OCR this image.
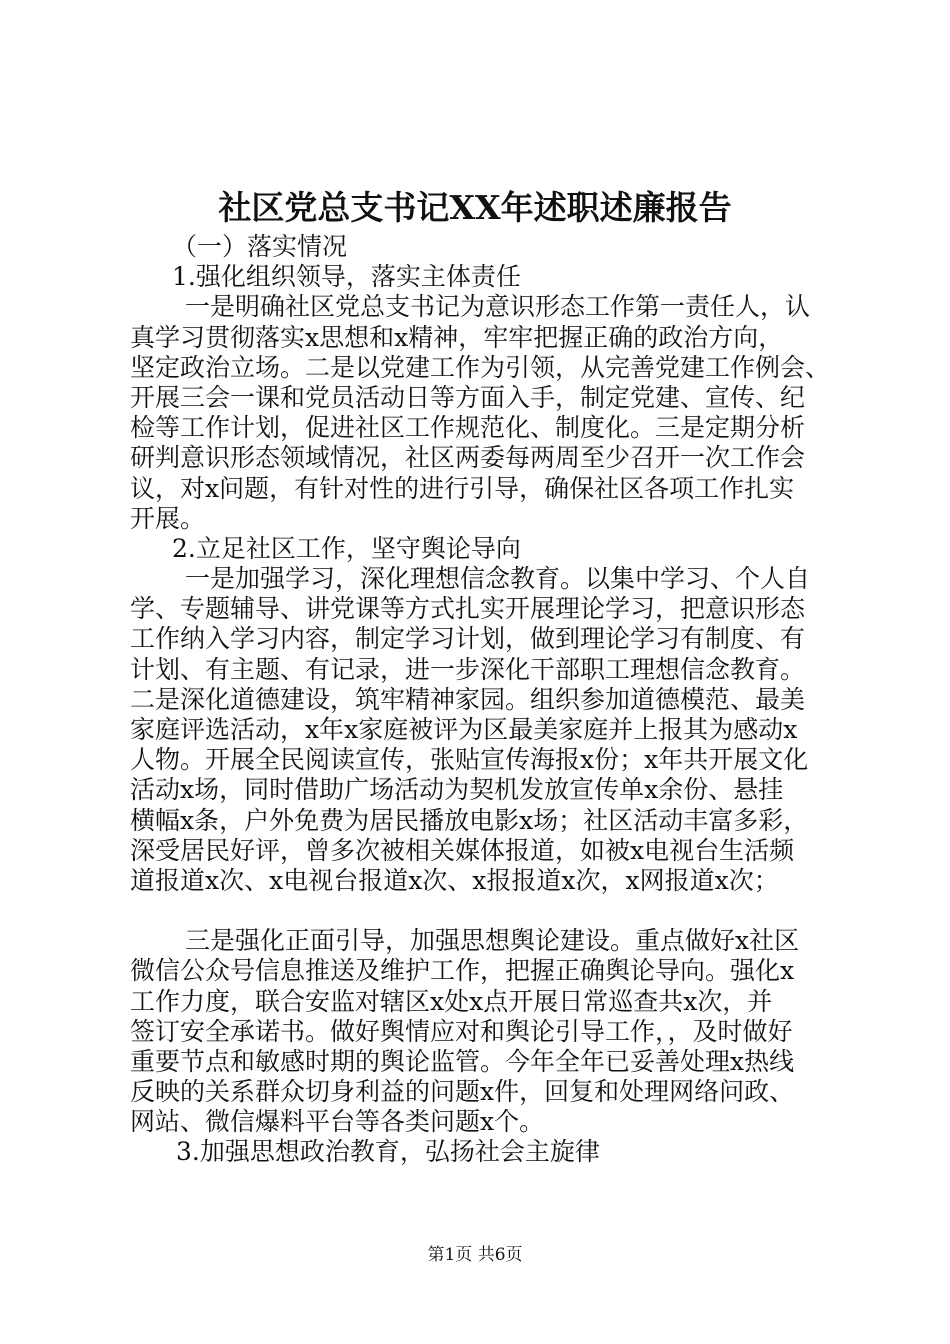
社区党总支书记XX年述职述廉报告
（一）落实情况
1.强化组织领导，落实主体责任
一是明确社区党总支书记为意识形态工作第一责任人，认
真学习贯彻落实x思想和x精神，牢牢把握正确的政治方向，
坚定政治立场。二是以党建工作为引领，从完善党建工作例会、
开展三会一课和党员活动日等方面入手，制定党建、宣传、纪
检等工作计划，促进社区工作规范化、制度化。三是定期分析
研判意识形态领域情况，社区两委每两周至少召开一次工作会
议，对x问题，有针对性的进行引导，确保社区各项工作扎实
开展。
2.立足社区工作，坚守舆论导向
一是加强学习，深化理想信念教育。以集中学习、个人自
学、专题辅导、讲党课等方式扎实开展理论学习，把意识形态
工作纳入学习内容，制定学习计划，做到理论学习有制度、有
计划、有主题、有记录，进一步深化干部职工理想信念教育。
二是深化道德建设，筑牢精神家园。组织参加道德模范、最美
家庭评选活动，x年x家庭被评为区最美家庭并上报其为感动x
人物。开展全民阅读宣传，张贴宣传海报x份；x年共开展文化
活动x场，同时借助广场活动为契机发放宣传单x余份、悬挂
横幅x条，户外免费为居民播放电影x场；社区活动丰富多彩，
深受居民好评，曾多次被相关媒体报道，如被x电视台生活频
道报道x次、x电视台报道x次、x报报道x次，x网报道x次；
三是强化正面引导，加强思想舆论建设。重点做好x社区
微信公众号信息推送及维护工作，把握正确舆论导向。强化x
工作力度，联合安监对辖区x处x点开展日常巡查共x次，并
签订安全承诺书。做好舆情应对和舆论引导工作，，及时做好
重要节点和敏感时期的舆论监管。今年全年已妥善处理x热线
反映的关系群众切身利益的问题x件，回复和处理网络问政、
网站、微信爆料平台等各类问题x个。
3.加强思想政治教育，弘扬社会主旋律
第1页 共6页
